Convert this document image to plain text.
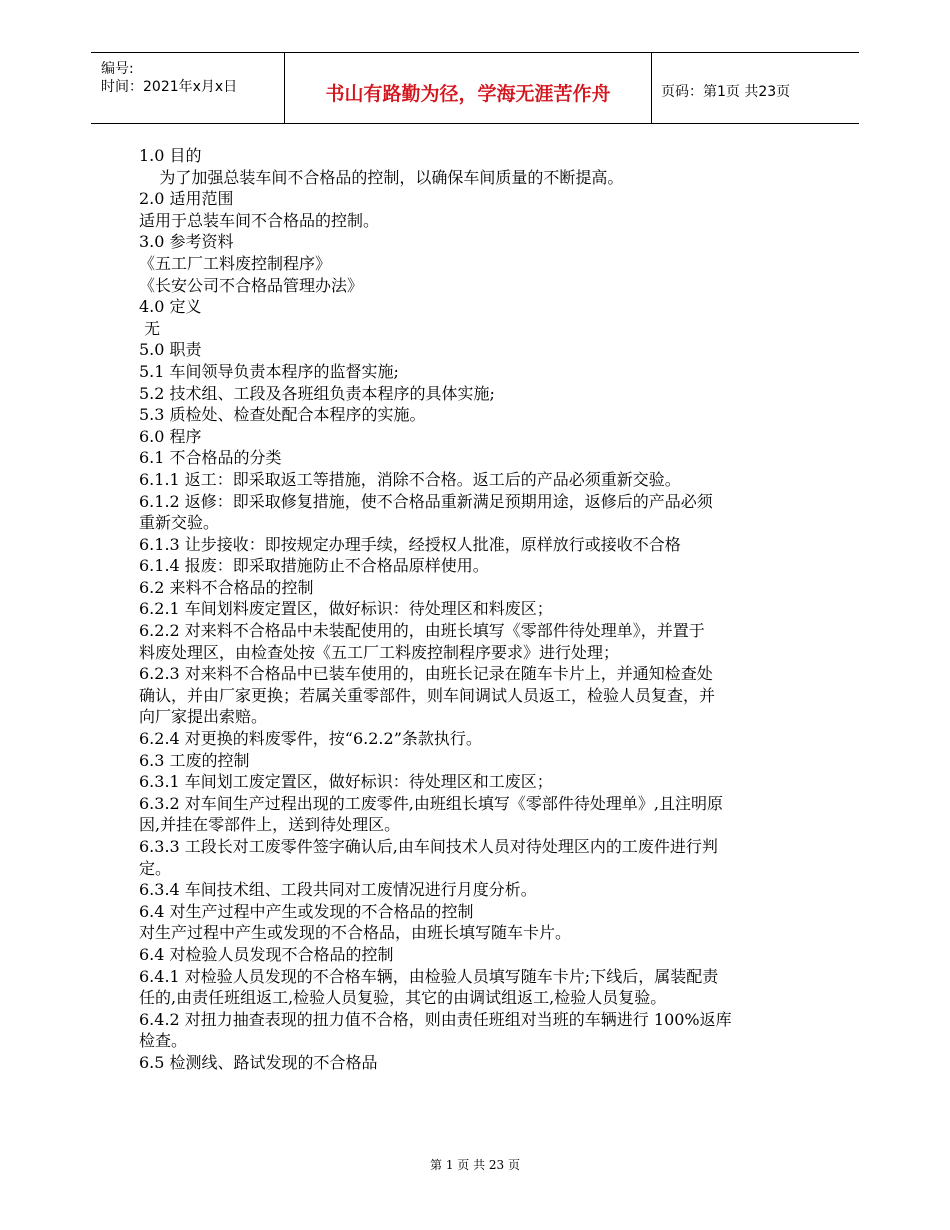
编号:
时间：2021年x月x日	书山有路勤为径，学海无涯苦作舟	页码：第1页 共23页
1.0 目的
为了加强总装车间不合格品的控制，以确保车间质量的不断提高。
2.0 适用范围
适用于总装车间不合格品的控制。
3.0 参考资料
《五工厂工料废控制程序》
《长安公司不合格品管理办法》
4.0 定义
无
5.0 职责
5.1 车间领导负责本程序的监督实施;
5.2 技术组、工段及各班组负责本程序的具体实施;
5.3 质检处、检查处配合本程序的实施。
6.0 程序
6.1 不合格品的分类
6.1.1 返工：即采取返工等措施，消除不合格。返工后的产品必须重新交验。
6.1.2 返修：即采取修复措施，使不合格品重新满足预期用途，返修后的产品必须
重新交验。
6.1.3 让步接收：即按规定办理手续，经授权人批准，原样放行或接收不合格
6.1.4 报废：即采取措施防止不合格品原样使用。
6.2 来料不合格品的控制
6.2.1 车间划料废定置区，做好标识：待处理区和料废区；
6.2.2 对来料不合格品中未装配使用的，由班长填写《零部件待处理单》，并置于
料废处理区，由检查处按《五工厂工料废控制程序要求》进行处理；
6.2.3 对来料不合格品中已装车使用的，由班长记录在随车卡片上，并通知检查处
确认，并由厂家更换；若属关重零部件，则车间调试人员返工，检验人员复查，并
向厂家提出索赔。
6.2.4 对更换的料废零件，按“6.2.2”条款执行。
6.3 工废的控制
6.3.1 车间划工废定置区，做好标识：待处理区和工废区；
6.3.2 对车间生产过程出现的工废零件,由班组长填写《零部件待处理单》,且注明原
因,并挂在零部件上，送到待处理区。
6.3.3 工段长对工废零件签字确认后,由车间技术人员对待处理区内的工废件进行判
定。
6.3.4 车间技术组、工段共同对工废情况进行月度分析。
6.4 对生产过程中产生或发现的不合格品的控制
对生产过程中产生或发现的不合格品，由班长填写随车卡片。
6.4 对检验人员发现不合格品的控制
6.4.1 对检验人员发现的不合格车辆，由检验人员填写随车卡片;下线后，属装配责
任的,由责任班组返工,检验人员复验，其它的由调试组返工,检验人员复验。
6.4.2 对扭力抽查表现的扭力值不合格，则由责任班组对当班的车辆进行 100%返库
检查。
6.5 检测线、路试发现的不合格品
第 1 页 共 23 页
